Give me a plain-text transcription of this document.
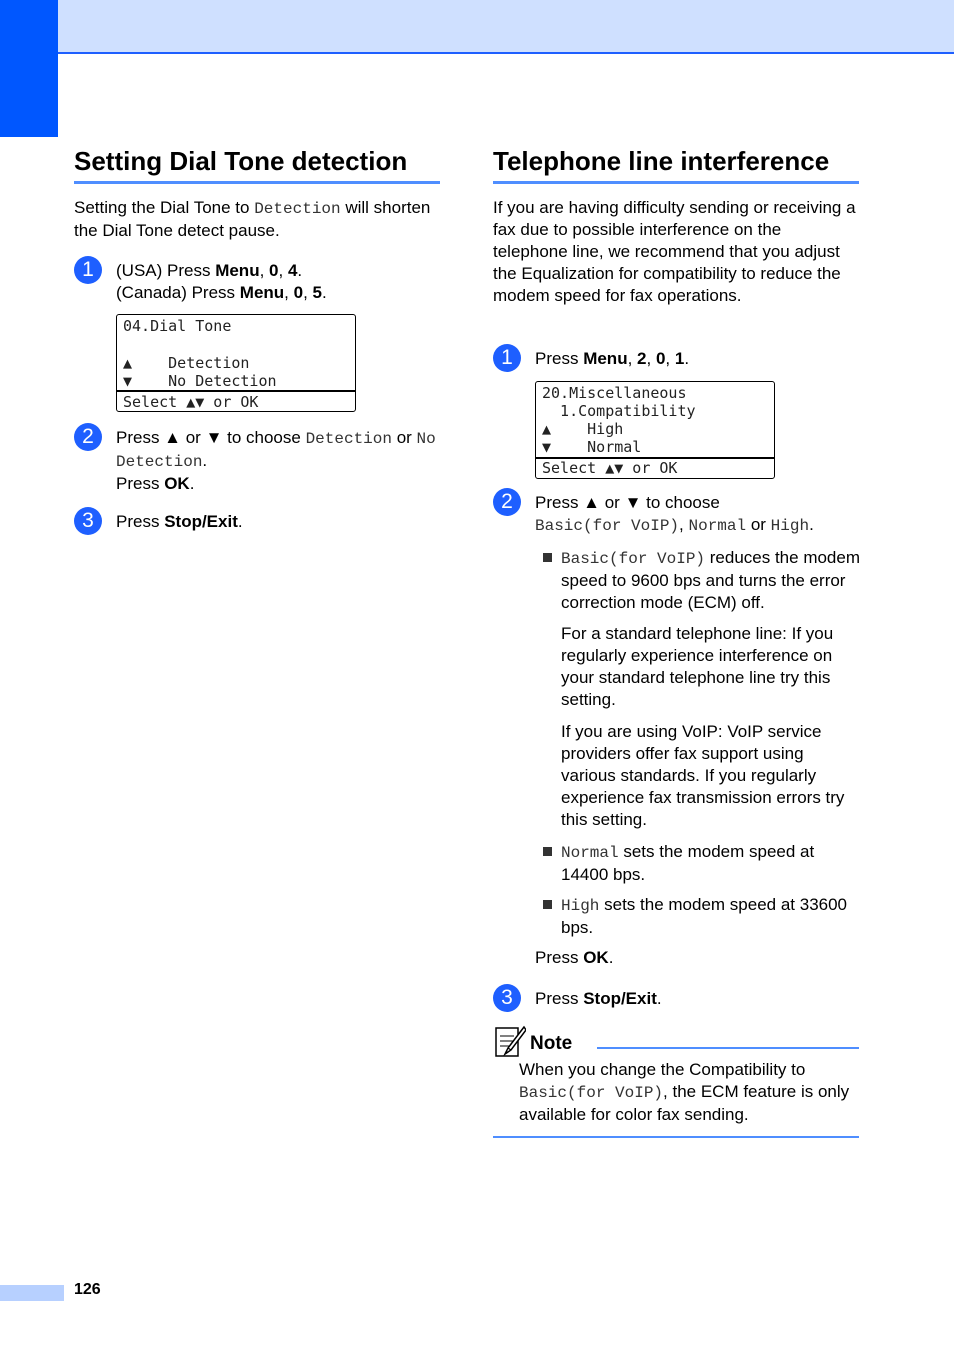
Setting Dial Tone detection

Setting the Dial Tone to Detection will shorten the Dial Tone detect pause.

1	(USA) Press Menu, 0, 4.
(Canada) Press Menu, 0, 5.

04.Dial Tone
▲    Detection
▼    No Detection
Select ▲▼ or OK
2	Press ▲ or ▼ to choose Detection or No Detection.
Press OK.

3	Press Stop/Exit.

Telephone line interference

If you are having difficulty sending or receiving a fax due to possible interference on the telephone line, we recommend that you adjust the Equalization for compatibility to reduce the modem speed for fax operations.

1	Press Menu, 2, 0, 1.

20.Miscellaneous
1.Compatibility
▲    High
▼    Normal
Select ▲▼ or OK
2	Press ▲ or ▼ to choose
Basic(for VoIP), Normal or High.

Basic(for VoIP) reduces the modem speed to 9600 bps and turns the error correction mode (ECM) off.

For a standard telephone line: If you regularly experience interference on your standard telephone line try this setting.

If you are using VoIP: VoIP service providers offer fax support using various standards. If you regularly experience fax transmission errors try this setting.

Normal sets the modem speed at 14400 bps.

High sets the modem speed at 33600 bps.

Press OK.

3	Press Stop/Exit.

Note

When you change the Compatibility to Basic(for VoIP), the ECM feature is only available for color fax sending.

126
